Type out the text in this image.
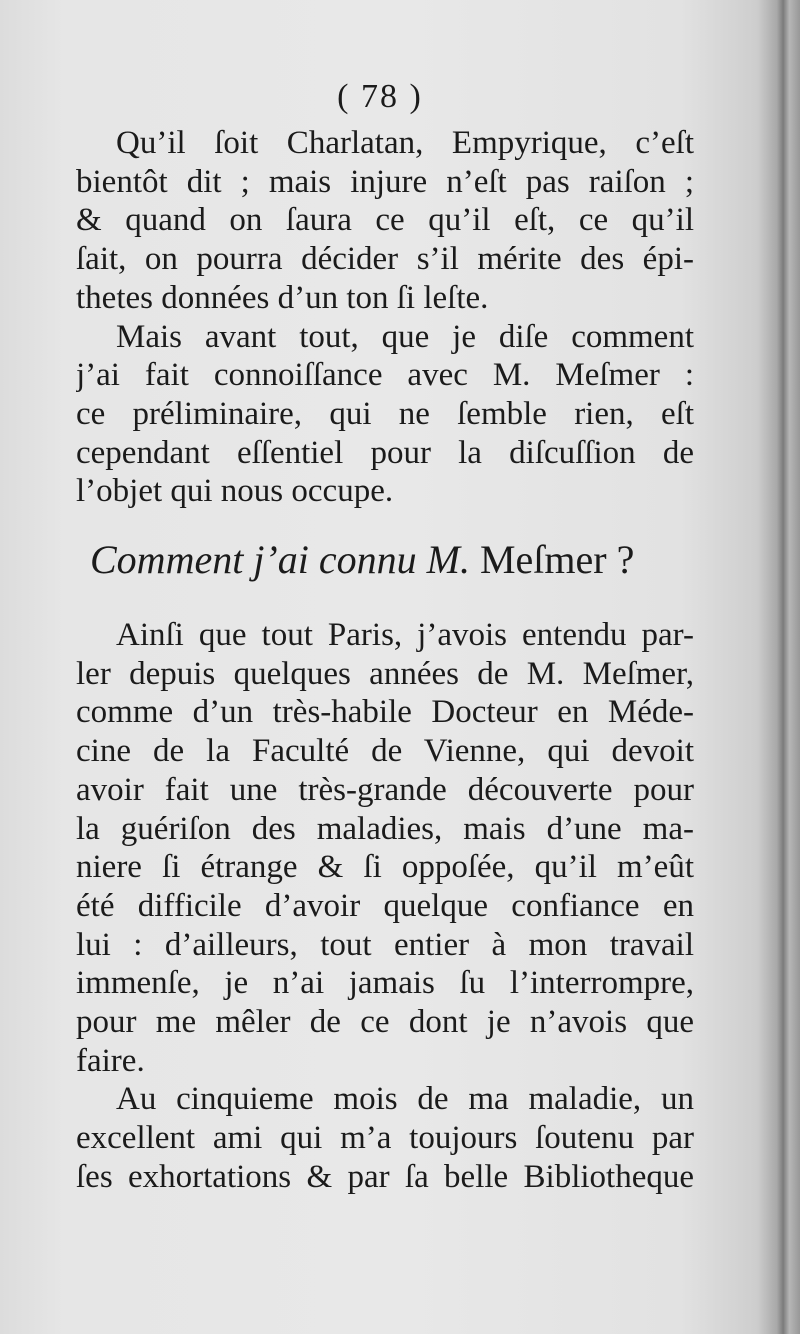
( 78 )

Qu’il ſoit Charlatan, Empyrique, c’eſt
bientôt dit ; mais injure n’eſt pas raiſon ;
& quand on ſaura ce qu’il eſt, ce qu’il
ſait, on pourra décider s’il mérite des épi-
thetes données d’un ton ſi leſte.

Mais avant tout, que je diſe comment
j’ai fait connoiſſance avec M. Meſmer :
ce préliminaire, qui ne ſemble rien, eſt
cependant eſſentiel pour la diſcuſſion de
l’objet qui nous occupe.

Comment j’ai connu M. Meſmer ?

Ainſi que tout Paris, j’avois entendu par-
ler depuis quelques années de M. Meſmer,
comme d’un très-habile Docteur en Méde-
cine de la Faculté de Vienne, qui devoit
avoir fait une très-grande découverte pour
la guériſon des maladies, mais d’une ma-
niere ſi étrange & ſi oppoſée, qu’il m’eût
été difficile d’avoir quelque confiance en
lui : d’ailleurs, tout entier à mon travail
immenſe, je n’ai jamais ſu l’interrompre,
pour me mêler de ce dont je n’avois que
faire.

Au cinquieme mois de ma maladie, un
excellent ami qui m’a toujours ſoutenu par
ſes exhortations & par ſa belle Bibliotheque
